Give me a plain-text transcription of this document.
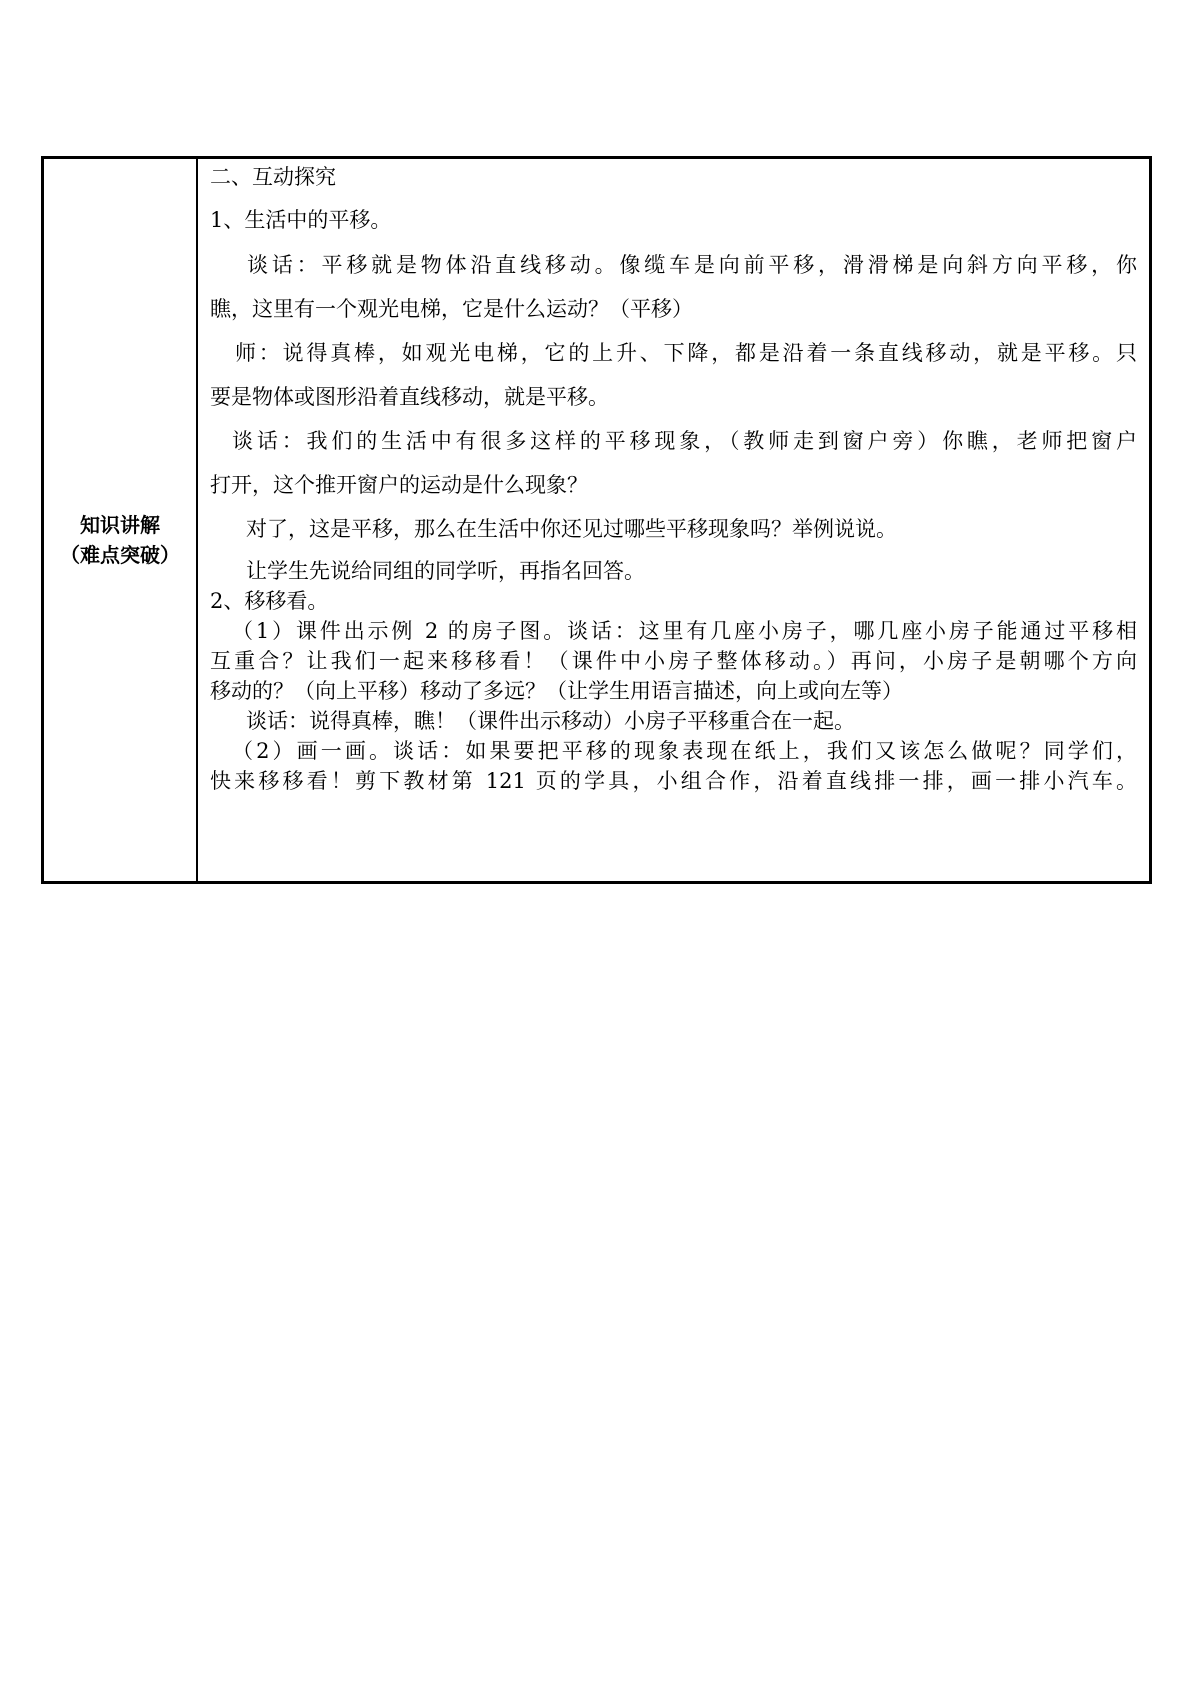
知识讲解
（难点突破）
二、互动探究
1、生活中的平移。
谈话：平移就是物体沿直线移动。像缆车是向前平移，滑滑梯是向斜方向平移，你
瞧，这里有一个观光电梯，它是什么运动？（平移）
师：说得真棒，如观光电梯，它的上升、下降，都是沿着一条直线移动，就是平移。只
要是物体或图形沿着直线移动，就是平移。
谈话：我们的生活中有很多这样的平移现象，（教师走到窗户旁）你瞧，老师把窗户
打开，这个推开窗户的运动是什么现象？
对了，这是平移，那么在生活中你还见过哪些平移现象吗？举例说说。
让学生先说给同组的同学听，再指名回答。
2、移移看。
（1）课件出示例 2 的房子图。谈话：这里有几座小房子，哪几座小房子能通过平移相
互重合？让我们一起来移移看！（课件中小房子整体移动。）再问，小房子是朝哪个方向
移动的？（向上平移）移动了多远？（让学生用语言描述，向上或向左等）
谈话：说得真棒，瞧！（课件出示移动）小房子平移重合在一起。
（2）画一画。谈话：如果要把平移的现象表现在纸上，我们又该怎么做呢？同学们，
快来移移看！剪下教材第 121 页的学具，小组合作，沿着直线排一排，画一排小汽车。
